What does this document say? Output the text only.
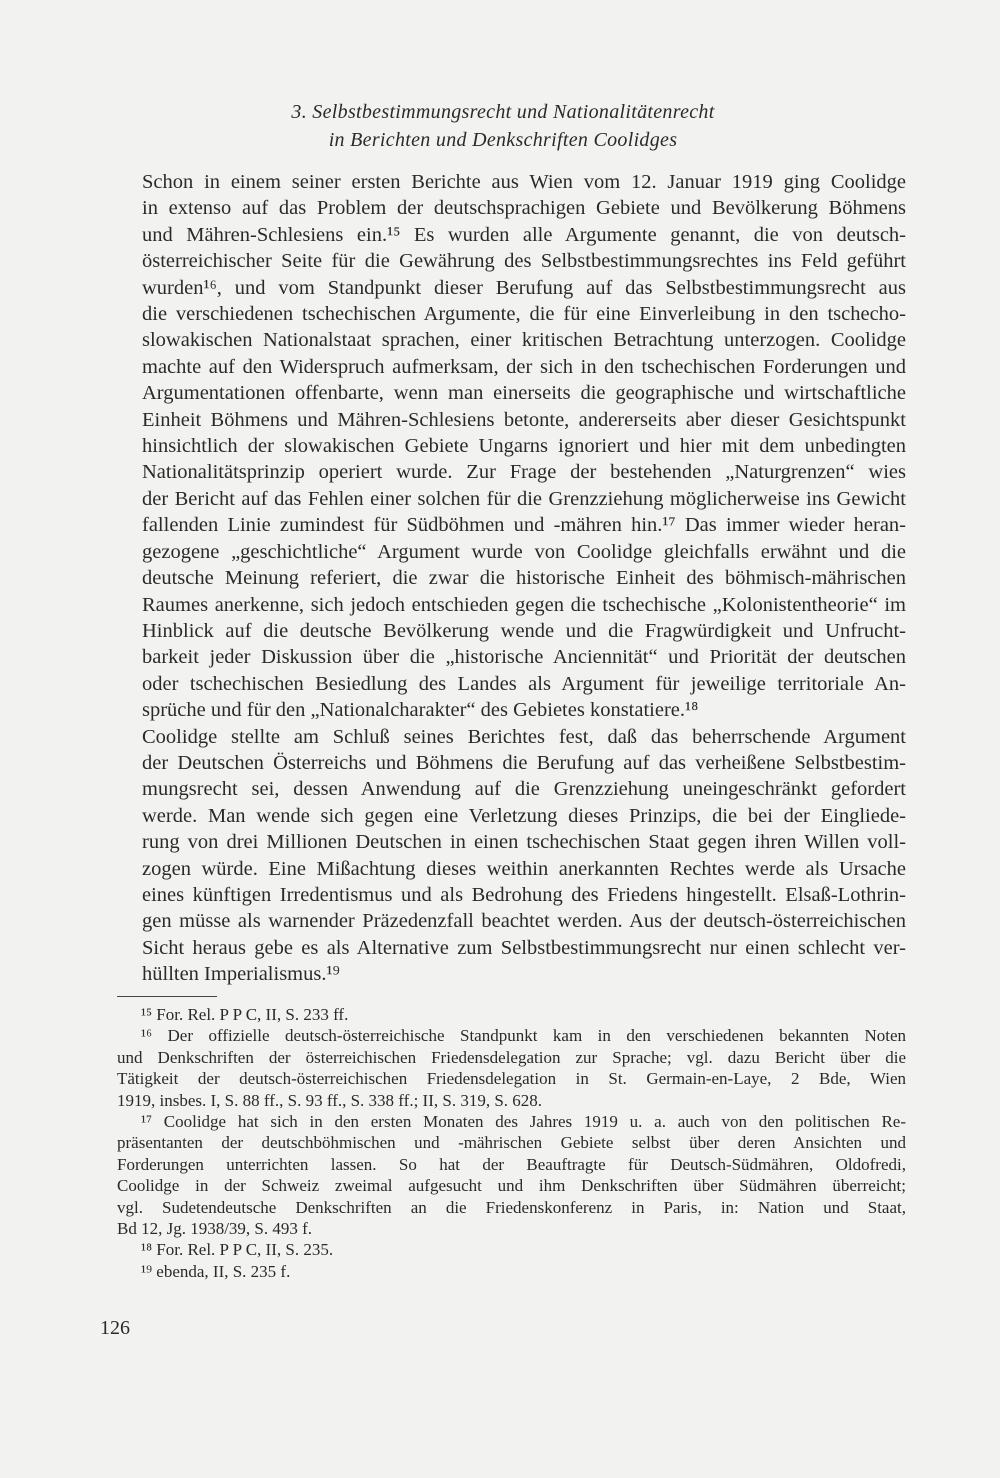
3. Selbstbestimmungsrecht und Nationalitätenrecht
in Berichten und Denkschriften Coolidges

Schon in einem seiner ersten Berichte aus Wien vom 12. Januar 1919 ging Coolidge
in extenso auf das Problem der deutschsprachigen Gebiete und Bevölkerung Böhmens
und Mähren-Schlesiens ein.¹⁵ Es wurden alle Argumente genannt, die von deutsch-
österreichischer Seite für die Gewährung des Selbstbestimmungsrechtes ins Feld geführt
wurden¹⁶, und vom Standpunkt dieser Berufung auf das Selbstbestimmungsrecht aus
die verschiedenen tschechischen Argumente, die für eine Einverleibung in den tschecho-
slowakischen Nationalstaat sprachen, einer kritischen Betrachtung unterzogen. Coolidge
machte auf den Widerspruch aufmerksam, der sich in den tschechischen Forderungen und
Argumentationen offenbarte, wenn man einerseits die geographische und wirtschaftliche
Einheit Böhmens und Mähren-Schlesiens betonte, andererseits aber dieser Gesichtspunkt
hinsichtlich der slowakischen Gebiete Ungarns ignoriert und hier mit dem unbedingten
Nationalitätsprinzip operiert wurde. Zur Frage der bestehenden „Naturgrenzen“ wies
der Bericht auf das Fehlen einer solchen für die Grenzziehung möglicherweise ins Gewicht
fallenden Linie zumindest für Südböhmen und -mähren hin.¹⁷ Das immer wieder heran-
gezogene „geschichtliche“ Argument wurde von Coolidge gleichfalls erwähnt und die
deutsche Meinung referiert, die zwar die historische Einheit des böhmisch-mährischen
Raumes anerkenne, sich jedoch entschieden gegen die tschechische „Kolonistentheorie“ im
Hinblick auf die deutsche Bevölkerung wende und die Fragwürdigkeit und Unfrucht-
barkeit jeder Diskussion über die „historische Anciennität“ und Priorität der deutschen
oder tschechischen Besiedlung des Landes als Argument für jeweilige territoriale An-
sprüche und für den „Nationalcharakter“ des Gebietes konstatiere.¹⁸

Coolidge stellte am Schluß seines Berichtes fest, daß das beherrschende Argument
der Deutschen Österreichs und Böhmens die Berufung auf das verheißene Selbstbestim-
mungsrecht sei, dessen Anwendung auf die Grenzziehung uneingeschränkt gefordert
werde. Man wende sich gegen eine Verletzung dieses Prinzips, die bei der Eingliede-
rung von drei Millionen Deutschen in einen tschechischen Staat gegen ihren Willen voll-
zogen würde. Eine Mißachtung dieses weithin anerkannten Rechtes werde als Ursache
eines künftigen Irredentismus und als Bedrohung des Friedens hingestellt. Elsaß-Lothrin-
gen müsse als warnender Präzedenzfall beachtet werden. Aus der deutsch-österreichischen
Sicht heraus gebe es als Alternative zum Selbstbestimmungsrecht nur einen schlecht ver-
hüllten Imperialismus.¹⁹

¹⁵ For. Rel. P P C, II, S. 233 ff.

¹⁶ Der offizielle deutsch-österreichische Standpunkt kam in den verschiedenen bekannten Noten
und Denkschriften der österreichischen Friedensdelegation zur Sprache; vgl. dazu Bericht über die
Tätigkeit der deutsch-österreichischen Friedensdelegation in St. Germain-en-Laye, 2 Bde, Wien
1919, insbes. I, S. 88 ff., S. 93 ff., S. 338 ff.; II, S. 319, S. 628.

¹⁷ Coolidge hat sich in den ersten Monaten des Jahres 1919 u. a. auch von den politischen Re-
präsentanten der deutschböhmischen und -mährischen Gebiete selbst über deren Ansichten und
Forderungen unterrichten lassen. So hat der Beauftragte für Deutsch-Südmähren, Oldofredi,
Coolidge in der Schweiz zweimal aufgesucht und ihm Denkschriften über Südmähren überreicht;
vgl. Sudetendeutsche Denkschriften an die Friedenskonferenz in Paris, in: Nation und Staat,
Bd 12, Jg. 1938/39, S. 493 f.

¹⁸ For. Rel. P P C, II, S. 235.

¹⁹ ebenda, II, S. 235 f.

126
